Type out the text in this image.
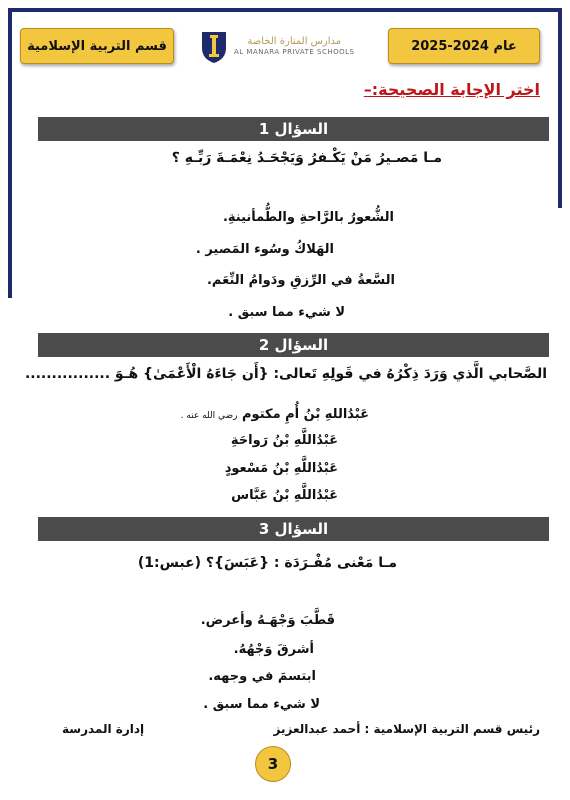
قسم التربية الإسلامية	مدارس المنارة الخاصة
AL MANARA PRIVATE SCHOOLS	عام 2024-2025
اختر الإجابة الصحيحة:–
السؤال 1
مـا مَصـيرُ مَنْ يَكْـفرُ وَيَجْحَـدُ نِعْمَـةَ رَبِّـهِ ؟
الشُّعورُ بالرَّاحةِ والطُّمأنينةِ.
الهَلاكُ وسُوء المَصير .
السَّعةُ في الرِّزقِ ودَوامُ النِّعَم.
لا شيء مما سبق .
السؤال 2
الصَّحابي الَّذي وَرَدَ ذِكْرُهُ في قَولِهِ تَعالى: {أَن جَاءَهُ الْأَعْمَىٰ} هُـوَ ................
عَبْدُاللهِ بْنُ أُمِ مكتوم رضي الله عنه .
عَبْدُاللَّهِ بْنُ رَواحَةِ
عَبْدُاللَّهِ بْنُ مَسْعودٍ
عَبْدُاللَّهِ بْنُ عَبَّاس
السؤال 3
مـا مَعْنى مُفْـرَدَة : {عَبَسَ}؟ (عبس:1)
قَطَّبَ وَجْهَـهُ وأعرض.
أشرقَ وَجْهُهُ.
ابتسمَ في وجهه.
لا شيء مما سبق .
رئيس قسم التربية الإسلامية : أحمد عبدالعزيز
إدارة المدرسة
3
